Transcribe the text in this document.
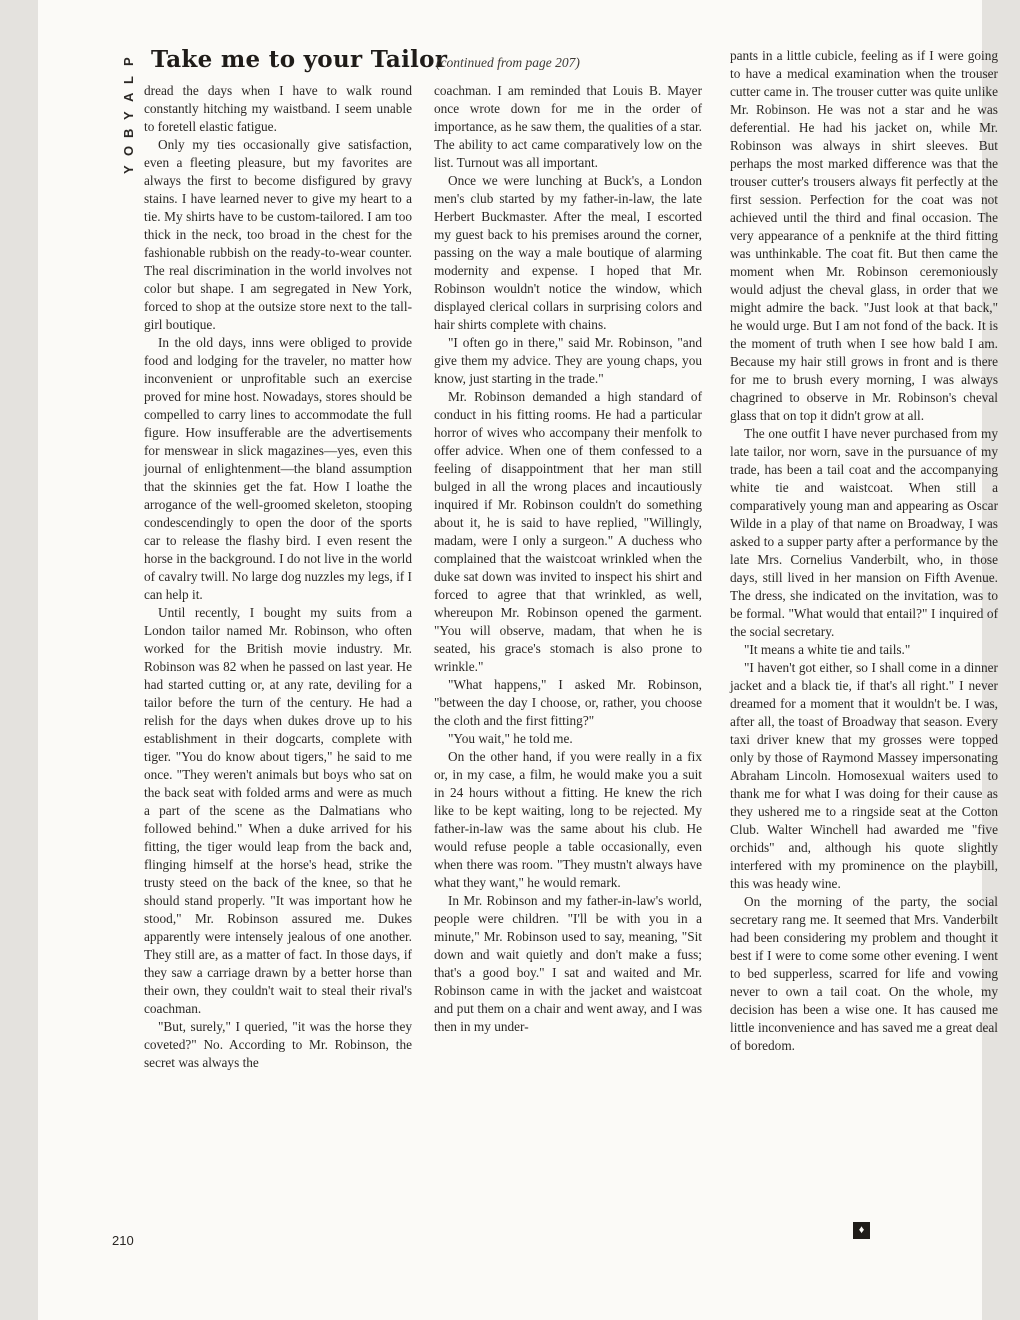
P
L
A
Y
B
O
Y
Take me to your Tailor
(continued from page 207)

dread the days when I have to walk round constantly hitching my waistband. I seem unable to foretell elastic fatigue.

Only my ties occasionally give satisfaction, even a fleeting pleasure, but my favorites are always the first to become disfigured by gravy stains. I have learned never to give my heart to a tie. My shirts have to be custom-tailored. I am too thick in the neck, too broad in the chest for the fashionable rubbish on the ready-to-wear counter. The real discrimination in the world involves not color but shape. I am segregated in New York, forced to shop at the outsize store next to the tall-girl boutique.

In the old days, inns were obliged to provide food and lodging for the traveler, no matter how inconvenient or unprofitable such an exercise proved for mine host. Nowadays, stores should be compelled to carry lines to accommodate the full figure. How insufferable are the advertisements for menswear in slick magazines—yes, even this journal of enlightenment—the bland assumption that the skinnies get the fat. How I loathe the arrogance of the well-groomed skeleton, stooping condescendingly to open the door of the sports car to release the flashy bird. I even resent the horse in the background. I do not live in the world of cavalry twill. No large dog nuzzles my legs, if I can help it.

Until recently, I bought my suits from a London tailor named Mr. Robinson, who often worked for the British movie industry. Mr. Robinson was 82 when he passed on last year. He had started cutting or, at any rate, deviling for a tailor before the turn of the century. He had a relish for the days when dukes drove up to his establishment in their dogcarts, complete with tiger. "You do know about tigers," he said to me once. "They weren't animals but boys who sat on the back seat with folded arms and were as much a part of the scene as the Dalmatians who followed behind." When a duke arrived for his fitting, the tiger would leap from the back and, flinging himself at the horse's head, strike the trusty steed on the back of the knee, so that he should stand properly. "It was important how he stood," Mr. Robinson assured me. Dukes apparently were intensely jealous of one another. They still are, as a matter of fact. In those days, if they saw a carriage drawn by a better horse than their own, they couldn't wait to steal their rival's coachman.

"But, surely," I queried, "it was the horse they coveted?" No. According to Mr. Robinson, the secret was always the

coachman. I am reminded that Louis B. Mayer once wrote down for me in the order of importance, as he saw them, the qualities of a star. The ability to act came comparatively low on the list. Turnout was all important.

Once we were lunching at Buck's, a London men's club started by my father-in-law, the late Herbert Buckmaster. After the meal, I escorted my guest back to his premises around the corner, passing on the way a male boutique of alarming modernity and expense. I hoped that Mr. Robinson wouldn't notice the window, which displayed clerical collars in surprising colors and hair shirts complete with chains.

"I often go in there," said Mr. Robinson, "and give them my advice. They are young chaps, you know, just starting in the trade."

Mr. Robinson demanded a high standard of conduct in his fitting rooms. He had a particular horror of wives who accompany their menfolk to offer advice. When one of them confessed to a feeling of disappointment that her man still bulged in all the wrong places and incautiously inquired if Mr. Robinson couldn't do something about it, he is said to have replied, "Willingly, madam, were I only a surgeon." A duchess who complained that the waistcoat wrinkled when the duke sat down was invited to inspect his shirt and forced to agree that that wrinkled, as well, whereupon Mr. Robinson opened the garment. "You will observe, madam, that when he is seated, his grace's stomach is also prone to wrinkle."

"What happens," I asked Mr. Robinson, "between the day I choose, or, rather, you choose the cloth and the first fitting?"

"You wait," he told me.

On the other hand, if you were really in a fix or, in my case, a film, he would make you a suit in 24 hours without a fitting. He knew the rich like to be kept waiting, long to be rejected. My father-in-law was the same about his club. He would refuse people a table occasionally, even when there was room. "They mustn't always have what they want," he would remark.

In Mr. Robinson and my father-in-law's world, people were children. "I'll be with you in a minute," Mr. Robinson used to say, meaning, "Sit down and wait quietly and don't make a fuss; that's a good boy." I sat and waited and Mr. Robinson came in with the jacket and waistcoat and put them on a chair and went away, and I was then in my under-

pants in a little cubicle, feeling as if I were going to have a medical examination when the trouser cutter came in. The trouser cutter was quite unlike Mr. Robinson. He was not a star and he was deferential. He had his jacket on, while Mr. Robinson was always in shirt sleeves. But perhaps the most marked difference was that the trouser cutter's trousers always fit perfectly at the first session. Perfection for the coat was not achieved until the third and final occasion. The very appearance of a penknife at the third fitting was unthinkable. The coat fit. But then came the moment when Mr. Robinson ceremoniously would adjust the cheval glass, in order that we might admire the back. "Just look at that back," he would urge. But I am not fond of the back. It is the moment of truth when I see how bald I am. Because my hair still grows in front and is there for me to brush every morning, I was always chagrined to observe in Mr. Robinson's cheval glass that on top it didn't grow at all.

The one outfit I have never purchased from my late tailor, nor worn, save in the pursuance of my trade, has been a tail coat and the accompanying white tie and waistcoat. When still a comparatively young man and appearing as Oscar Wilde in a play of that name on Broadway, I was asked to a supper party after a performance by the late Mrs. Cornelius Vanderbilt, who, in those days, still lived in her mansion on Fifth Avenue. The dress, she indicated on the invitation, was to be formal. "What would that entail?" I inquired of the social secretary.

"It means a white tie and tails."

"I haven't got either, so I shall come in a dinner jacket and a black tie, if that's all right." I never dreamed for a moment that it wouldn't be. I was, after all, the toast of Broadway that season. Every taxi driver knew that my grosses were topped only by those of Raymond Massey impersonating Abraham Lincoln. Homosexual waiters used to thank me for what I was doing for their cause as they ushered me to a ringside seat at the Cotton Club. Walter Winchell had awarded me "five orchids" and, although his quote slightly interfered with my prominence on the playbill, this was heady wine.

On the morning of the party, the social secretary rang me. It seemed that Mrs. Vanderbilt had been considering my problem and thought it best if I were to come some other evening. I went to bed supperless, scarred for life and vowing never to own a tail coat. On the whole, my decision has been a wise one. It has caused me little inconvenience and has saved me a great deal of boredom.

210
♦
